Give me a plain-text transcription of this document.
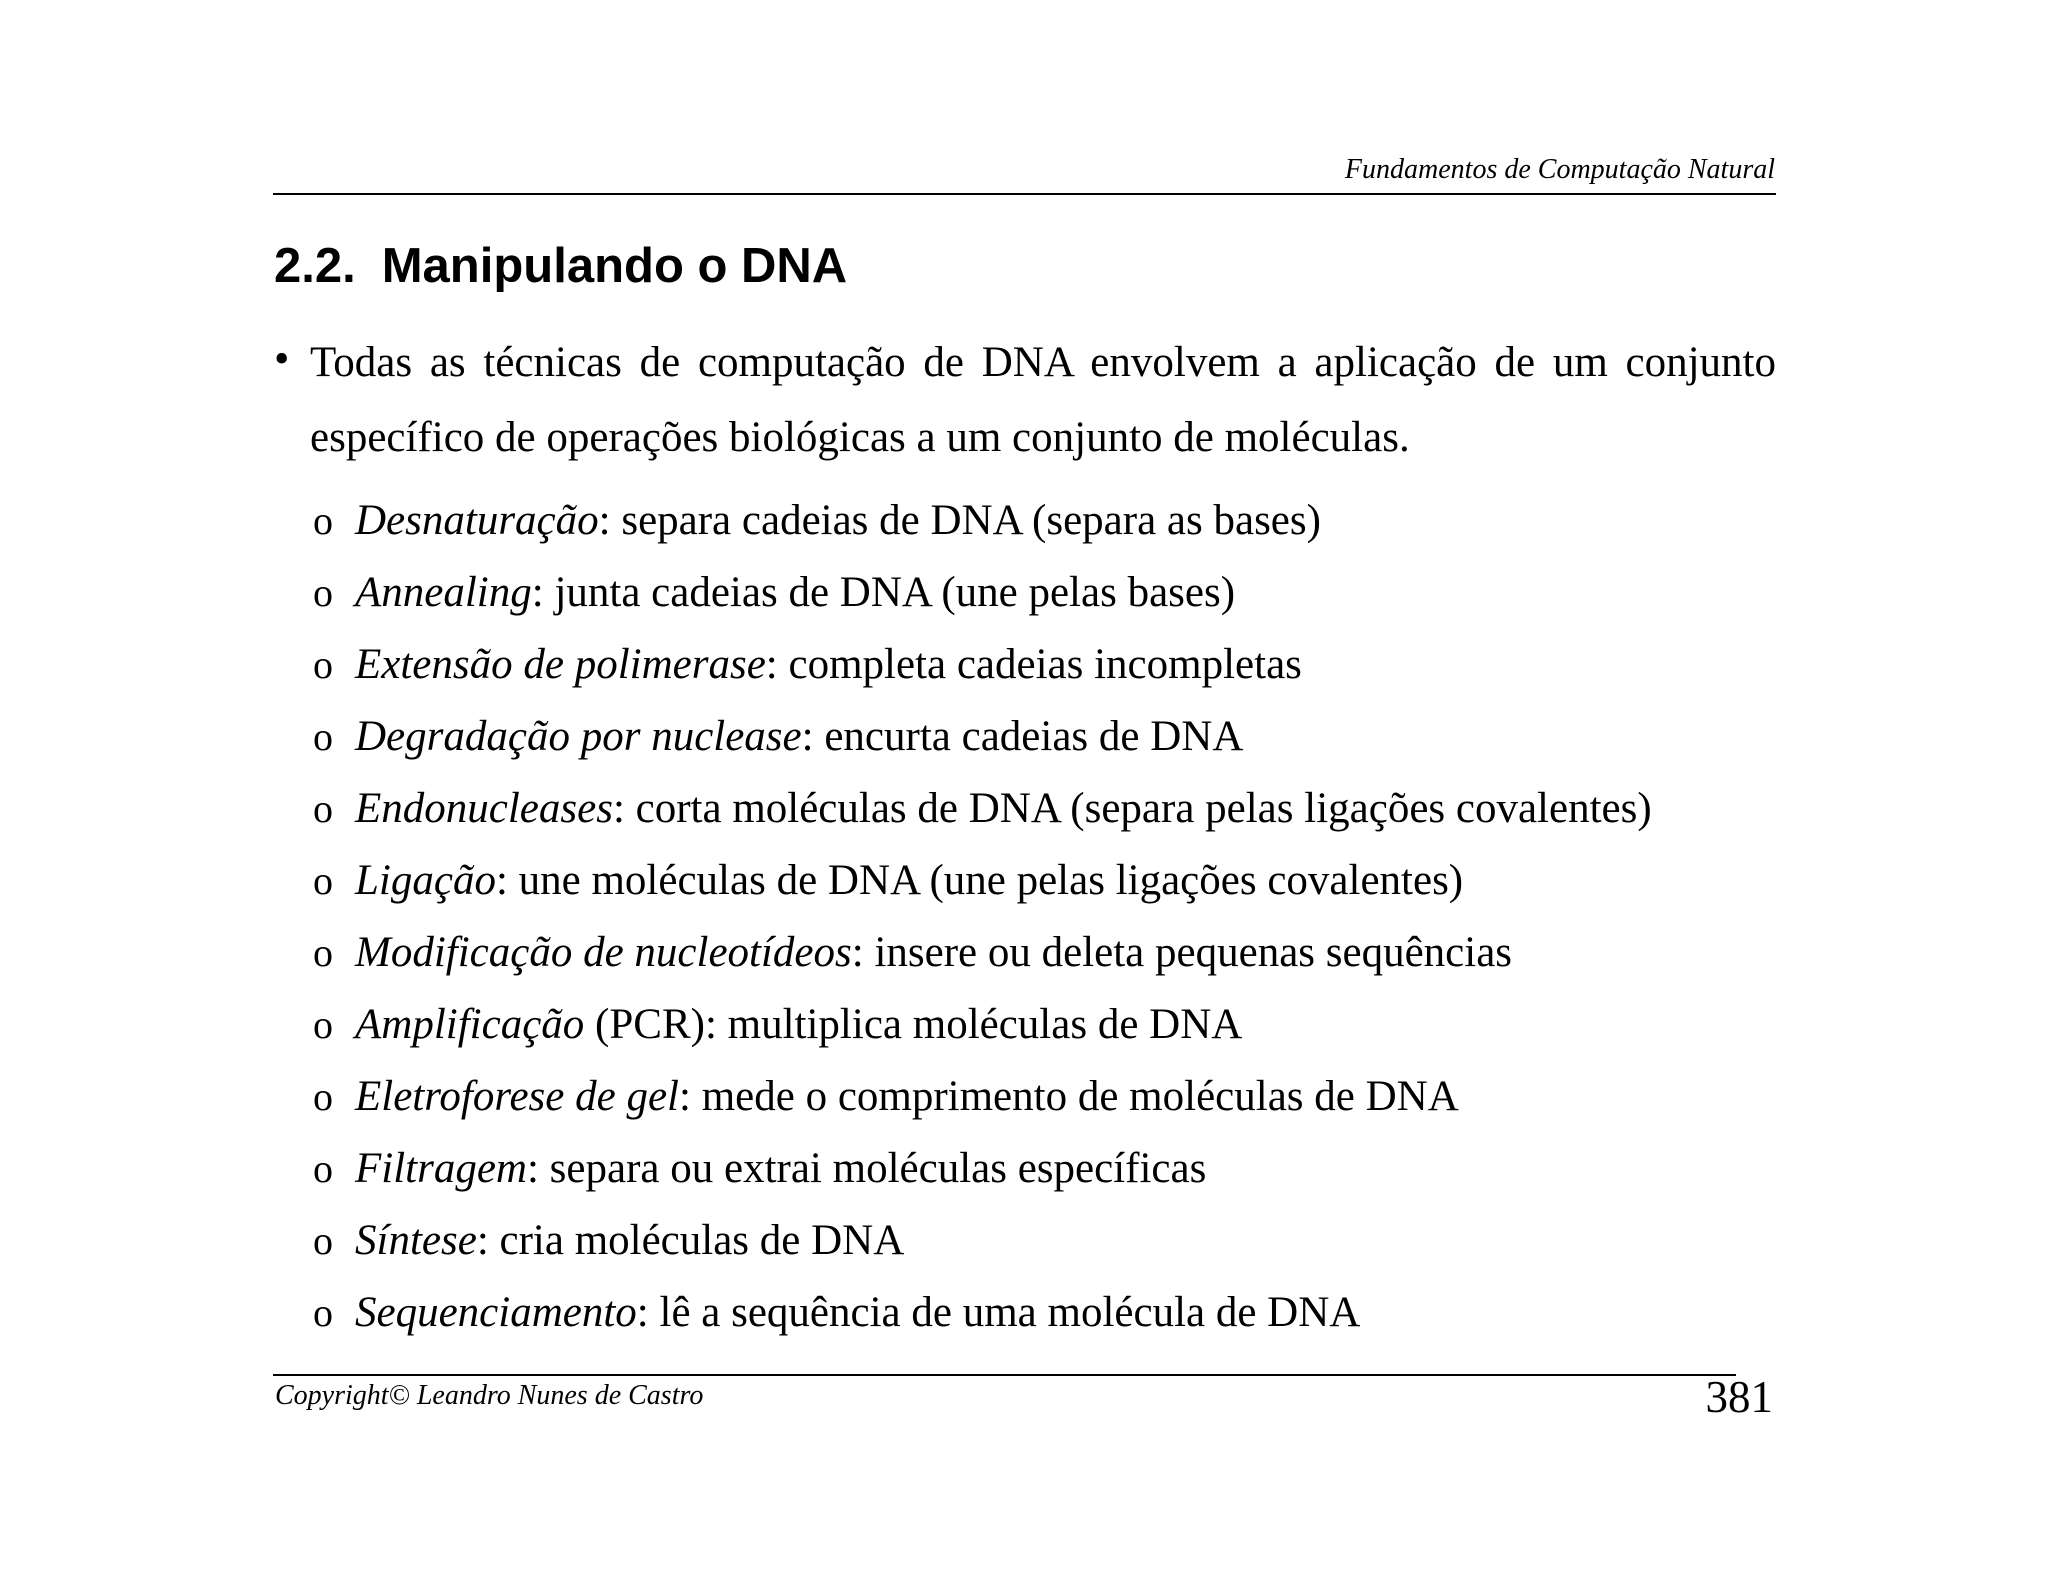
Fundamentos de Computação Natural
2.2. Manipulando o DNA
• Todas as técnicas de computação de DNA envolvem a aplicação de um conjunto específico de operações biológicas a um conjunto de moléculas.
o Desnaturação: separa cadeias de DNA (separa as bases)
o Annealing: junta cadeias de DNA (une pelas bases)
o Extensão de polimerase: completa cadeias incompletas
o Degradação por nuclease: encurta cadeias de DNA
o Endonucleases: corta moléculas de DNA (separa pelas ligações covalentes)
o Ligação: une moléculas de DNA (une pelas ligações covalentes)
o Modificação de nucleotídeos: insere ou deleta pequenas sequências
o Amplificação (PCR): multiplica moléculas de DNA
o Eletroforese de gel: mede o comprimento de moléculas de DNA
o Filtragem: separa ou extrai moléculas específicas
o Síntese: cria moléculas de DNA
o Sequenciamento: lê a sequência de uma molécula de DNA
Copyright© Leandro Nunes de Castro	381
